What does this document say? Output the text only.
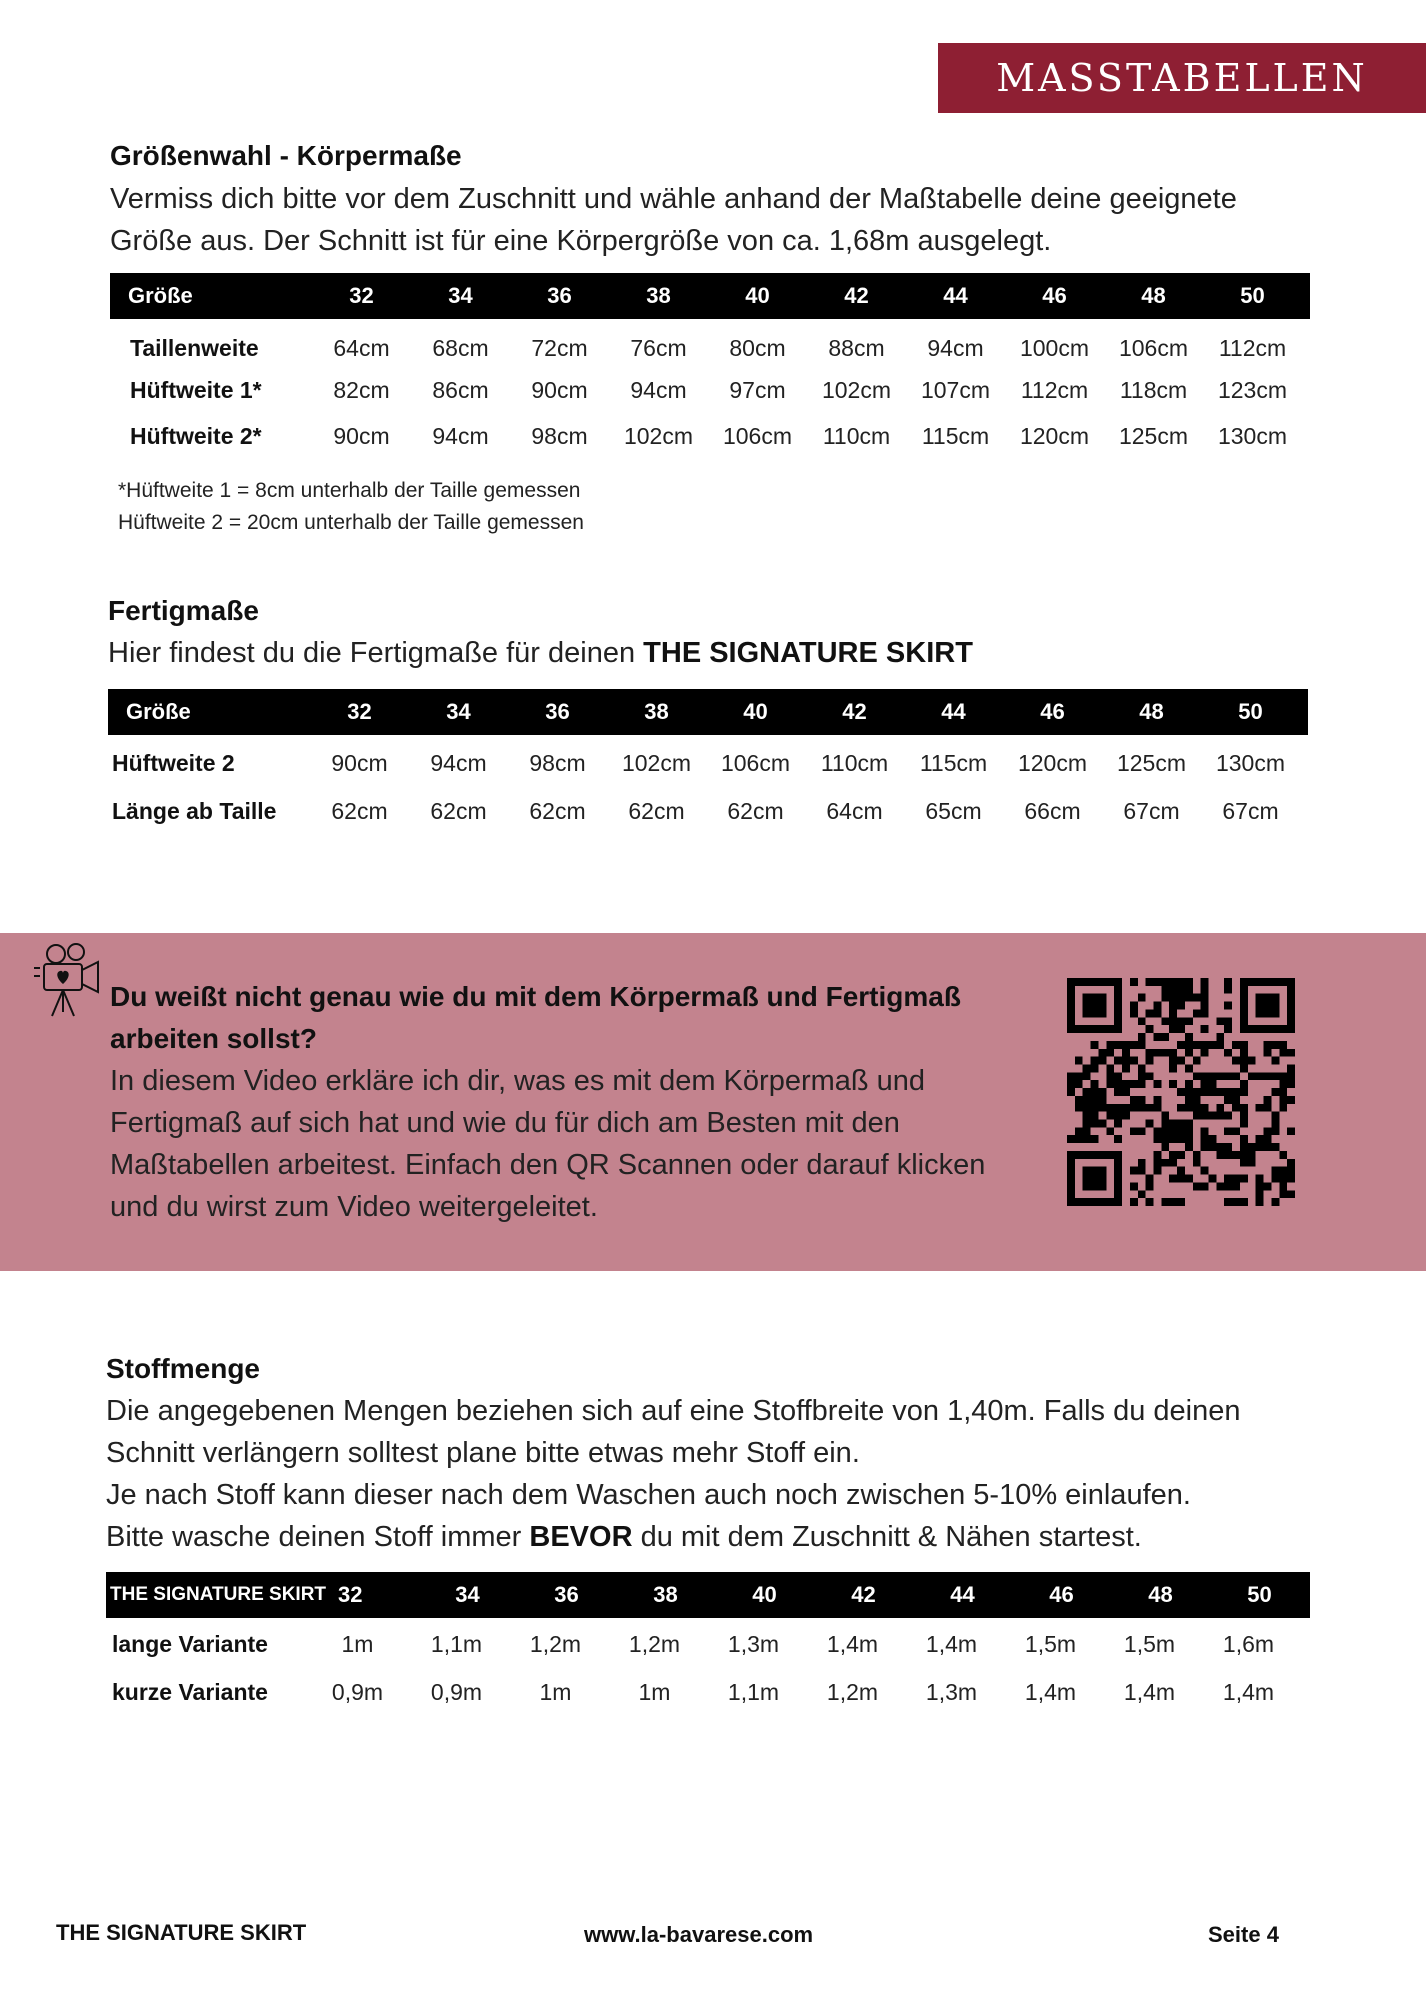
MASSTABELLEN
Größenwahl - Körpermaße
Vermiss dich bitte vor dem Zuschnitt und wähle anhand der Maßtabelle deine geeignete
Größe aus. Der Schnitt ist für eine Körpergröße von ca. 1,68m ausgelegt.
Größe	32	34	36	38	40	42	44	46	48	50
Taillenweite	64cm	68cm	72cm	76cm	80cm	88cm	94cm	100cm	106cm	112cm
Hüftweite 1*	82cm	86cm	90cm	94cm	97cm	102cm	107cm	112cm	118cm	123cm
Hüftweite 2*	90cm	94cm	98cm	102cm	106cm	110cm	115cm	120cm	125cm	130cm
*Hüftweite 1 = 8cm unterhalb der Taille gemessen
Hüftweite 2 = 20cm unterhalb der Taille gemessen
Fertigmaße
Hier findest du die Fertigmaße für deinen THE SIGNATURE SKIRT
Größe	32	34	36	38	40	42	44	46	48	50
Hüftweite 2	90cm	94cm	98cm	102cm	106cm	110cm	115cm	120cm	125cm	130cm
Länge ab Taille	62cm	62cm	62cm	62cm	62cm	64cm	65cm	66cm	67cm	67cm
Du weißt nicht genau wie du mit dem Körpermaß und Fertigmaß
arbeiten sollst?
In diesem Video erkläre ich dir, was es mit dem Körpermaß und
Fertigmaß auf sich hat und wie du für dich am Besten mit den
Maßtabellen arbeitest. Einfach den QR Scannen oder darauf klicken
und du wirst zum Video weitergeleitet.
Stoffmenge
Die angegebenen Mengen beziehen sich auf eine Stoffbreite von 1,40m. Falls du deinen
Schnitt verlängern solltest plane bitte etwas mehr Stoff ein.
Je nach Stoff kann dieser nach dem Waschen auch noch zwischen 5-10% einlaufen.
Bitte wasche deinen Stoff immer BEVOR du mit dem Zuschnitt & Nähen startest.
THE SIGNATURE SKIRT 32	34	36	38	40	42	44	46	48	50
lange Variante	1m	1,1m	1,2m	1,2m	1,3m	1,4m	1,4m	1,5m	1,5m	1,6m
kurze Variante	0,9m	0,9m	1m	1m	1,1m	1,2m	1,3m	1,4m	1,4m	1,4m
THE SIGNATURE SKIRT	www.la-bavarese.com	Seite 4
